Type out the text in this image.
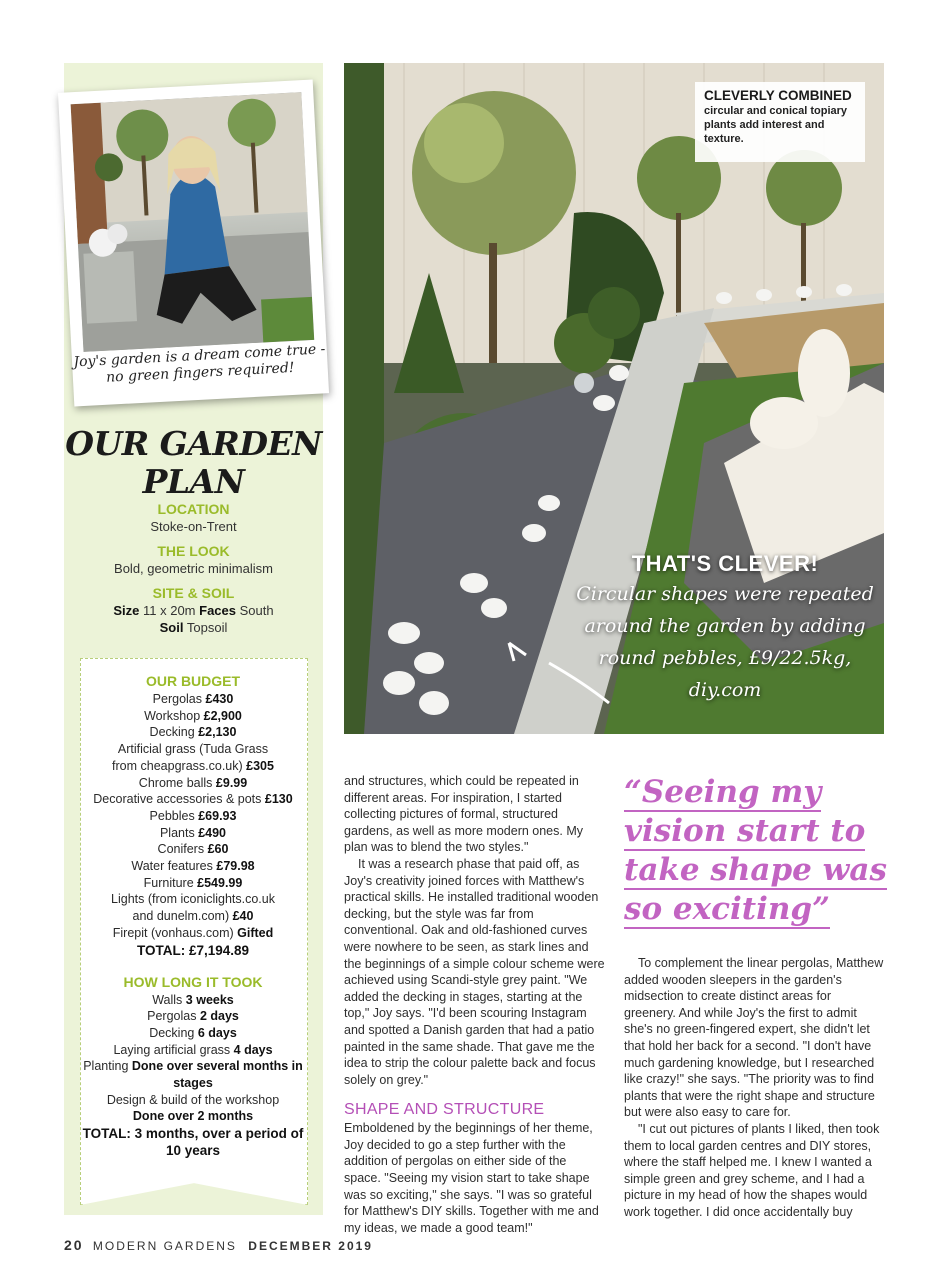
Joy's garden is a dream come true - no green fingers required!
OUR GARDEN PLAN
LOCATION
Stoke-on-Trent
THE LOOK
Bold, geometric minimalism
SITE & SOIL
Size 11 x 20m Faces South
Soil Topsoil
OUR BUDGET
Pergolas £430
Workshop £2,900
Decking £2,130
Artificial grass (Tuda Grass
from cheapgrass.co.uk) £305
Chrome balls £9.99
Decorative accessories & pots £130
Pebbles £69.93
Plants £490
Conifers £60
Water features £79.98
Furniture £549.99
Lights (from iconiclights.co.uk
and dunelm.com) £40
Firepit (vonhaus.com) Gifted
TOTAL: £7,194.89
HOW LONG IT TOOK
Walls 3 weeks
Pergolas 2 days
Decking 6 days
Laying artificial grass 4 days
Planting Done over several months in stages
Design & build of the workshop
Done over 2 months
TOTAL: 3 months, over a period of 10 years
CLEVERLY COMBINED
circular and conical topiary plants add interest and texture.
THAT'S CLEVER!
Circular shapes were repeated around the garden by adding round pebbles, £9/22.5kg, diy.com

and structures, which could be repeated in different areas. For inspiration, I started collecting pictures of formal, structured gardens, as well as more modern ones. My plan was to blend the two styles."

It was a research phase that paid off, as Joy's creativity joined forces with Matthew's practical skills. He installed traditional wooden decking, but the style was far from conventional. Oak and old-fashioned curves were nowhere to be seen, as stark lines and the beginnings of a simple colour scheme were achieved using Scandi-style grey paint. "We added the decking in stages, starting at the top," Joy says. "I'd been scouring Instagram and spotted a Danish garden that had a patio painted in the same shade. That gave me the idea to strip the colour palette back and focus solely on grey."

SHAPE AND STRUCTURE

Emboldened by the beginnings of her theme, Joy decided to go a step further with the addition of pergolas on either side of the space. "Seeing my vision start to take shape was so exciting," she says. "I was so grateful for Matthew's DIY skills. Together with me and my ideas, we made a good team!"

“Seeing my
vision start to
take shape was
so exciting”

To complement the linear pergolas, Matthew added wooden sleepers in the garden's midsection to create distinct areas for greenery. And while Joy's the first to admit she's no green-fingered expert, she didn't let that hold her back for a second. "I don't have much gardening knowledge, but I researched like crazy!" she says. "The priority was to find plants that were the right shape and structure but were also easy to care for.

"I cut out pictures of plants I liked, then took them to local garden centres and DIY stores, where the staff helped me. I knew I wanted a simple green and grey scheme, and I had a picture in my head of how the shapes would work together. I did once accidentally buy

20 MODERN GARDENS DECEMBER 2019
